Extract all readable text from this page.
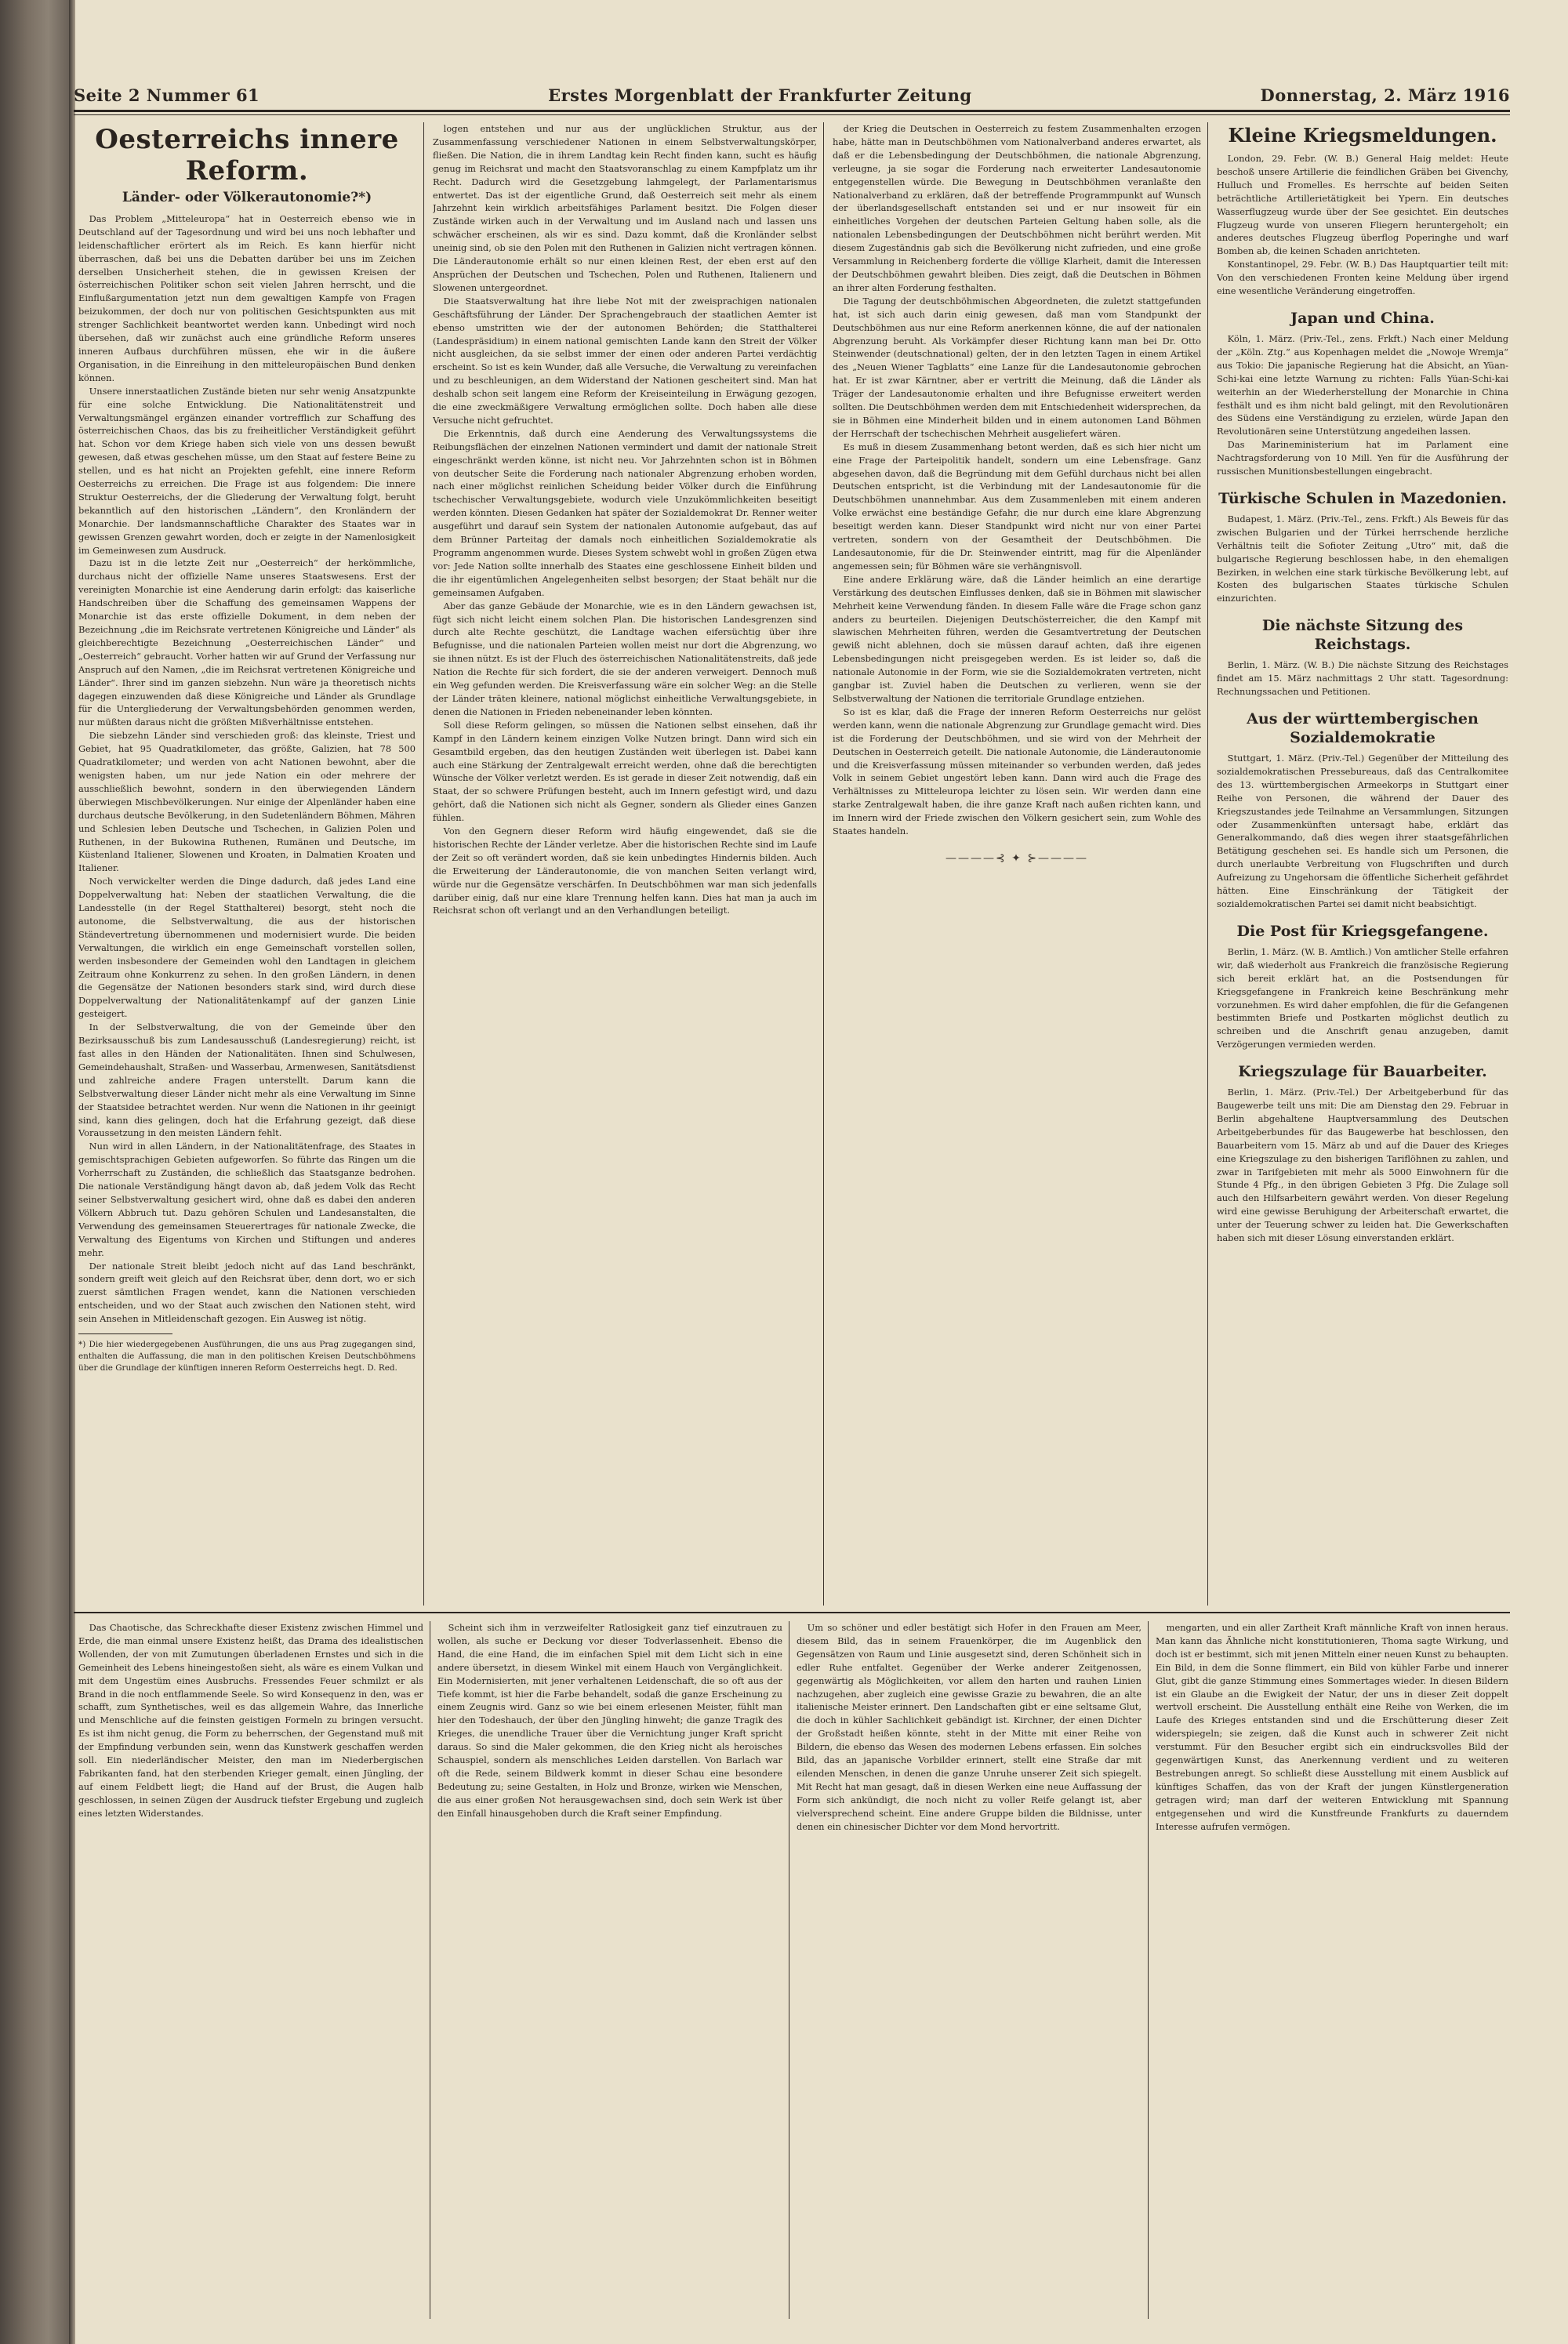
Seite 2 Nummer 61	Erstes Morgenblatt der Frankfurter Zeitung	Donnerstag, 2. März 1916
Oesterreichs innere Reform.
Länder- oder Völkerautonomie?*)

Das Problem „Mitteleuropa“ hat in Oesterreich ebenso wie in Deutschland auf der Tagesordnung und wird bei uns noch lebhafter und leidenschaftlicher erörtert als im Reich. Es kann hierfür nicht überraschen, daß bei uns die Debatten darüber bei uns im Zeichen derselben Unsicherheit stehen, die in gewissen Kreisen der österreichischen Politiker schon seit vielen Jahren herrscht, und die Einflußargumentation jetzt nun dem gewaltigen Kampfe von Fragen beizukommen, der doch nur von politischen Gesichtspunkten aus mit strenger Sachlichkeit beantwortet werden kann. Unbedingt wird noch übersehen, daß wir zunächst auch eine gründliche Reform unseres inneren Aufbaus durchführen müssen, ehe wir in die äußere Organisation, in die Einreihung in den mitteleuropäischen Bund denken können.

Unsere innerstaatlichen Zustände bieten nur sehr wenig Ansatzpunkte für eine solche Entwicklung. Die Nationalitätenstreit und Verwaltungsmängel ergänzen einander vortrefflich zur Schaffung des österreichischen Chaos, das bis zu freiheitlicher Verständigkeit geführt hat. Schon vor dem Kriege haben sich viele von uns dessen bewußt gewesen, daß etwas geschehen müsse, um den Staat auf festere Beine zu stellen, und es hat nicht an Projekten gefehlt, eine innere Reform Oesterreichs zu erreichen. Die Frage ist aus folgendem: Die innere Struktur Oesterreichs, der die Gliederung der Verwaltung folgt, beruht bekanntlich auf den historischen „Ländern“, den Kronländern der Monarchie. Der landsmannschaftliche Charakter des Staates war in gewissen Grenzen gewahrt worden, doch er zeigte in der Namenlosigkeit im Gemeinwesen zum Ausdruck.

Dazu ist in die letzte Zeit nur „Oesterreich“ der herkömmliche, durchaus nicht der offizielle Name unseres Staatswesens. Erst der vereinigten Monarchie ist eine Aenderung darin erfolgt: das kaiserliche Handschreiben über die Schaffung des gemeinsamen Wappens der Monarchie ist das erste offizielle Dokument, in dem neben der Bezeichnung „die im Reichsrate vertretenen Königreiche und Länder“ als gleichberechtigte Bezeichnung „Oesterreichischen Länder“ und „Oesterreich“ gebraucht. Vorher hatten wir auf Grund der Verfassung nur Anspruch auf den Namen, „die im Reichsrat vertretenen Königreiche und Länder“. Ihrer sind im ganzen siebzehn. Nun wäre ja theoretisch nichts dagegen einzuwenden daß diese Königreiche und Länder als Grundlage für die Untergliederung der Verwaltungsbehörden genommen werden, nur müßten daraus nicht die größten Mißverhältnisse entstehen.

Die siebzehn Länder sind verschieden groß: das kleinste, Triest und Gebiet, hat 95 Quadratkilometer, das größte, Galizien, hat 78 500 Quadratkilometer; und werden von acht Nationen bewohnt, aber die wenigsten haben, um nur jede Nation ein oder mehrere der ausschließlich bewohnt, sondern in den überwiegenden Ländern überwiegen Mischbevölkerungen. Nur einige der Alpenländer haben eine durchaus deutsche Bevölkerung, in den Sudetenländern Böhmen, Mähren und Schlesien leben Deutsche und Tschechen, in Galizien Polen und Ruthenen, in der Bukowina Ruthenen, Rumänen und Deutsche, im Küstenland Italiener, Slowenen und Kroaten, in Dalmatien Kroaten und Italiener.

Noch verwickelter werden die Dinge dadurch, daß jedes Land eine Doppelverwaltung hat: Neben der staatlichen Verwaltung, die die Landesstelle (in der Regel Statthalterei) besorgt, steht noch die autonome, die Selbstverwaltung, die aus der historischen Ständevertretung übernommenen und modernisiert wurde. Die beiden Verwaltungen, die wirklich ein enge Gemeinschaft vorstellen sollen, werden insbesondere der Gemeinden wohl den Landtagen in gleichem Zeitraum ohne Konkurrenz zu sehen. In den großen Ländern, in denen die Gegensätze der Nationen besonders stark sind, wird durch diese Doppelverwaltung der Nationalitätenkampf auf der ganzen Linie gesteigert.

In der Selbstverwaltung, die von der Gemeinde über den Bezirksausschuß bis zum Landesausschuß (Landesregierung) reicht, ist fast alles in den Händen der Nationalitäten. Ihnen sind Schulwesen, Gemeindehaushalt, Straßen- und Wasserbau, Armenwesen, Sanitätsdienst und zahlreiche andere Fragen unterstellt. Darum kann die Selbstverwaltung dieser Länder nicht mehr als eine Verwaltung im Sinne der Staatsidee betrachtet werden. Nur wenn die Nationen in ihr geeinigt sind, kann dies gelingen, doch hat die Erfahrung gezeigt, daß diese Voraussetzung in den meisten Ländern fehlt.

Nun wird in allen Ländern, in der Nationalitätenfrage, des Staates in gemischtsprachigen Gebieten aufgeworfen. So führte das Ringen um die Vorherrschaft zu Zuständen, die schließlich das Staatsganze bedrohen. Die nationale Verständigung hängt davon ab, daß jedem Volk das Recht seiner Selbstverwaltung gesichert wird, ohne daß es dabei den anderen Völkern Abbruch tut. Dazu gehören Schulen und Landesanstalten, die Verwendung des gemeinsamen Steuerertrages für nationale Zwecke, die Verwaltung des Eigentums von Kirchen und Stiftungen und anderes mehr.

Der nationale Streit bleibt jedoch nicht auf das Land beschränkt, sondern greift weit gleich auf den Reichsrat über, denn dort, wo er sich zuerst sämtlichen Fragen wendet, kann die Nationen verschieden entscheiden, und wo der Staat auch zwischen den Nationen steht, wird sein Ansehen in Mitleidenschaft gezogen. Ein Ausweg ist nötig.

*) Die hier wiedergegebenen Ausführungen, die uns aus Prag zugegangen sind, enthalten die Auffassung, die man in den politischen Kreisen Deutschböhmens über die Grundlage der künftigen inneren Reform Oesterreichs hegt. D. Red.

logen entstehen und nur aus der unglücklichen Struktur, aus der Zusammenfassung verschiedener Nationen in einem Selbstverwaltungskörper, fließen. Die Nation, die in ihrem Landtag kein Recht finden kann, sucht es häufig genug im Reichsrat und macht den Staatsvoranschlag zu einem Kampfplatz um ihr Recht. Dadurch wird die Gesetzgebung lahmgelegt, der Parlamentarismus entwertet. Das ist der eigentliche Grund, daß Oesterreich seit mehr als einem Jahrzehnt kein wirklich arbeitsfähiges Parlament besitzt. Die Folgen dieser Zustände wirken auch in der Verwaltung und im Ausland nach und lassen uns schwächer erscheinen, als wir es sind. Dazu kommt, daß die Kronländer selbst uneinig sind, ob sie den Polen mit den Ruthenen in Galizien nicht vertragen können. Die Länderautonomie erhält so nur einen kleinen Rest, der eben erst auf den Ansprüchen der Deutschen und Tschechen, Polen und Ruthenen, Italienern und Slowenen untergeordnet.

Die Staatsverwaltung hat ihre liebe Not mit der zweisprachigen nationalen Geschäftsführung der Länder. Der Sprachengebrauch der staatlichen Aemter ist ebenso umstritten wie der der autonomen Behörden; die Statthalterei (Landespräsidium) in einem national gemischten Lande kann den Streit der Völker nicht ausgleichen, da sie selbst immer der einen oder anderen Partei verdächtig erscheint. So ist es kein Wunder, daß alle Versuche, die Verwaltung zu vereinfachen und zu beschleunigen, an dem Widerstand der Nationen gescheitert sind. Man hat deshalb schon seit langem eine Reform der Kreiseinteilung in Erwägung gezogen, die eine zweckmäßigere Verwaltung ermöglichen sollte. Doch haben alle diese Versuche nicht gefruchtet.

Die Erkenntnis, daß durch eine Aenderung des Verwaltungssystems die Reibungsflächen der einzelnen Nationen vermindert und damit der nationale Streit eingeschränkt werden könne, ist nicht neu. Vor Jahrzehnten schon ist in Böhmen von deutscher Seite die Forderung nach nationaler Abgrenzung erhoben worden, nach einer möglichst reinlichen Scheidung beider Völker durch die Einführung tschechischer Verwaltungsgebiete, wodurch viele Unzukömmlichkeiten beseitigt werden könnten. Diesen Gedanken hat später der Sozialdemokrat Dr. Renner weiter ausgeführt und darauf sein System der nationalen Autonomie aufgebaut, das auf dem Brünner Parteitag der damals noch einheitlichen Sozialdemokratie als Programm angenommen wurde. Dieses System schwebt wohl in großen Zügen etwa vor: Jede Nation sollte innerhalb des Staates eine geschlossene Einheit bilden und die ihr eigentümlichen Angelegenheiten selbst besorgen; der Staat behält nur die gemeinsamen Aufgaben.

Aber das ganze Gebäude der Monarchie, wie es in den Ländern gewachsen ist, fügt sich nicht leicht einem solchen Plan. Die historischen Landesgrenzen sind durch alte Rechte geschützt, die Landtage wachen eifersüchtig über ihre Befugnisse, und die nationalen Parteien wollen meist nur dort die Abgrenzung, wo sie ihnen nützt. Es ist der Fluch des österreichischen Nationalitätenstreits, daß jede Nation die Rechte für sich fordert, die sie der anderen verweigert. Dennoch muß ein Weg gefunden werden. Die Kreisverfassung wäre ein solcher Weg: an die Stelle der Länder träten kleinere, national möglichst einheitliche Verwaltungsgebiete, in denen die Nationen in Frieden nebeneinander leben könnten.

Soll diese Reform gelingen, so müssen die Nationen selbst einsehen, daß ihr Kampf in den Ländern keinem einzigen Volke Nutzen bringt. Dann wird sich ein Gesamtbild ergeben, das den heutigen Zuständen weit überlegen ist. Dabei kann auch eine Stärkung der Zentralgewalt erreicht werden, ohne daß die berechtigten Wünsche der Völker verletzt werden. Es ist gerade in dieser Zeit notwendig, daß ein Staat, der so schwere Prüfungen besteht, auch im Innern gefestigt wird, und dazu gehört, daß die Nationen sich nicht als Gegner, sondern als Glieder eines Ganzen fühlen.

Von den Gegnern dieser Reform wird häufig eingewendet, daß sie die historischen Rechte der Länder verletze. Aber die historischen Rechte sind im Laufe der Zeit so oft verändert worden, daß sie kein unbedingtes Hindernis bilden. Auch die Erweiterung der Länderautonomie, die von manchen Seiten verlangt wird, würde nur die Gegensätze verschärfen. In Deutschböhmen war man sich jedenfalls darüber einig, daß nur eine klare Trennung helfen kann. Dies hat man ja auch im Reichsrat schon oft verlangt und an den Verhandlungen beteiligt.

der Krieg die Deutschen in Oesterreich zu festem Zusammenhalten erzogen habe, hätte man in Deutschböhmen vom Nationalverband anderes erwartet, als daß er die Lebensbedingung der Deutschböhmen, die nationale Abgrenzung, verleugne, ja sie sogar die Forderung nach erweiterter Landesautonomie entgegenstellen würde. Die Bewegung in Deutschböhmen veranlaßte den Nationalverband zu erklären, daß der betreffende Programmpunkt auf Wunsch der überlandsgesellschaft entstanden sei und er nur insoweit für ein einheitliches Vorgehen der deutschen Parteien Geltung haben solle, als die nationalen Lebensbedingungen der Deutschböhmen nicht berührt werden. Mit diesem Zugeständnis gab sich die Bevölkerung nicht zufrieden, und eine große Versammlung in Reichenberg forderte die völlige Klarheit, damit die Interessen der Deutschböhmen gewahrt bleiben. Dies zeigt, daß die Deutschen in Böhmen an ihrer alten Forderung festhalten.

Die Tagung der deutschböhmischen Abgeordneten, die zuletzt stattgefunden hat, ist sich auch darin einig gewesen, daß man vom Standpunkt der Deutschböhmen aus nur eine Reform anerkennen könne, die auf der nationalen Abgrenzung beruht. Als Vorkämpfer dieser Richtung kann man bei Dr. Otto Steinwender (deutschnational) gelten, der in den letzten Tagen in einem Artikel des „Neuen Wiener Tagblatts“ eine Lanze für die Landesautonomie gebrochen hat. Er ist zwar Kärntner, aber er vertritt die Meinung, daß die Länder als Träger der Landesautonomie erhalten und ihre Befugnisse erweitert werden sollten. Die Deutschböhmen werden dem mit Entschiedenheit widersprechen, da sie in Böhmen eine Minderheit bilden und in einem autonomen Land Böhmen der Herrschaft der tschechischen Mehrheit ausgeliefert wären.

Es muß in diesem Zusammenhang betont werden, daß es sich hier nicht um eine Frage der Parteipolitik handelt, sondern um eine Lebensfrage. Ganz abgesehen davon, daß die Begründung mit dem Gefühl durchaus nicht bei allen Deutschen entspricht, ist die Verbindung mit der Landesautonomie für die Deutschböhmen unannehmbar. Aus dem Zusammenleben mit einem anderen Volke erwächst eine beständige Gefahr, die nur durch eine klare Abgrenzung beseitigt werden kann. Dieser Standpunkt wird nicht nur von einer Partei vertreten, sondern von der Gesamtheit der Deutschböhmen. Die Landesautonomie, für die Dr. Steinwender eintritt, mag für die Alpenländer angemessen sein; für Böhmen wäre sie verhängnisvoll.

Eine andere Erklärung wäre, daß die Länder heimlich an eine derartige Verstärkung des deutschen Einflusses denken, daß sie in Böhmen mit slawischer Mehrheit keine Verwendung fänden. In diesem Falle wäre die Frage schon ganz anders zu beurteilen. Diejenigen Deutschösterreicher, die den Kampf mit slawischen Mehrheiten führen, werden die Gesamtvertretung der Deutschen gewiß nicht ablehnen, doch sie müssen darauf achten, daß ihre eigenen Lebensbedingungen nicht preisgegeben werden. Es ist leider so, daß die nationale Autonomie in der Form, wie sie die Sozialdemokraten vertreten, nicht gangbar ist. Zuviel haben die Deutschen zu verlieren, wenn sie der Selbstverwaltung der Nationen die territoriale Grundlage entziehen.

So ist es klar, daß die Frage der inneren Reform Oesterreichs nur gelöst werden kann, wenn die nationale Abgrenzung zur Grundlage gemacht wird. Dies ist die Forderung der Deutschböhmen, und sie wird von der Mehrheit der Deutschen in Oesterreich geteilt. Die nationale Autonomie, die Länderautonomie und die Kreisverfassung müssen miteinander so verbunden werden, daß jedes Volk in seinem Gebiet ungestört leben kann. Dann wird auch die Frage des Verhältnisses zu Mitteleuropa leichter zu lösen sein. Wir werden dann eine starke Zentralgewalt haben, die ihre ganze Kraft nach außen richten kann, und im Innern wird der Friede zwischen den Völkern gesichert sein, zum Wohle des Staates handeln.

————⊰ ✦ ⊱————
Kleine Kriegsmeldungen.

London, 29. Febr. (W. B.) General Haig meldet: Heute beschoß unsere Artillerie die feindlichen Gräben bei Givenchy, Hulluch und Fromelles. Es herrschte auf beiden Seiten beträchtliche Artillerietätigkeit bei Ypern. Ein deutsches Wasserflugzeug wurde über der See gesichtet. Ein deutsches Flugzeug wurde von unseren Fliegern heruntergeholt; ein anderes deutsches Flugzeug überflog Poperinghe und warf Bomben ab, die keinen Schaden anrichteten.

Konstantinopel, 29. Febr. (W. B.) Das Hauptquartier teilt mit: Von den verschiedenen Fronten keine Meldung über irgend eine wesentliche Veränderung eingetroffen.

Japan und China.

Köln, 1. März. (Priv.-Tel., zens. Frkft.) Nach einer Meldung der „Köln. Ztg.“ aus Kopenhagen meldet die „Nowoje Wremja“ aus Tokio: Die japanische Regierung hat die Absicht, an Yüan-Schi-kai eine letzte Warnung zu richten: Falls Yüan-Schi-kai weiterhin an der Wiederherstellung der Monarchie in China festhält und es ihm nicht bald gelingt, mit den Revolutionären des Südens eine Verständigung zu erzielen, würde Japan den Revolutionären seine Unterstützung angedeihen lassen.

Das Marineministerium hat im Parlament eine Nachtragsforderung von 10 Mill. Yen für die Ausführung der russischen Munitionsbestellungen eingebracht.

Türkische Schulen in Mazedonien.

Budapest, 1. März. (Priv.-Tel., zens. Frkft.) Als Beweis für das zwischen Bulgarien und der Türkei herrschende herzliche Verhältnis teilt die Sofioter Zeitung „Utro“ mit, daß die bulgarische Regierung beschlossen habe, in den ehemaligen Bezirken, in welchen eine stark türkische Bevölkerung lebt, auf Kosten des bulgarischen Staates türkische Schulen einzurichten.

Die nächste Sitzung des Reichstags.

Berlin, 1. März. (W. B.) Die nächste Sitzung des Reichstages findet am 15. März nachmittags 2 Uhr statt. Tagesordnung: Rechnungssachen und Petitionen.

Aus der württembergischen Sozialdemokratie

Stuttgart, 1. März. (Priv.-Tel.) Gegenüber der Mitteilung des sozialdemokratischen Pressebureaus, daß das Centralkomitee des 13. württembergischen Armeekorps in Stuttgart einer Reihe von Personen, die während der Dauer des Kriegszustandes jede Teilnahme an Versammlungen, Sitzungen oder Zusammenkünften untersagt habe, erklärt das Generalkommando, daß dies wegen ihrer staatsgefährlichen Betätigung geschehen sei. Es handle sich um Personen, die durch unerlaubte Verbreitung von Flugschriften und durch Aufreizung zu Ungehorsam die öffentliche Sicherheit gefährdet hätten. Eine Einschränkung der Tätigkeit der sozialdemokratischen Partei sei damit nicht beabsichtigt.

Die Post für Kriegsgefangene.

Berlin, 1. März. (W. B. Amtlich.) Von amtlicher Stelle erfahren wir, daß wiederholt aus Frankreich die französische Regierung sich bereit erklärt hat, an die Postsendungen für Kriegsgefangene in Frankreich keine Beschränkung mehr vorzunehmen. Es wird daher empfohlen, die für die Gefangenen bestimmten Briefe und Postkarten möglichst deutlich zu schreiben und die Anschrift genau anzugeben, damit Verzögerungen vermieden werden.

Kriegszulage für Bauarbeiter.

Berlin, 1. März. (Priv.-Tel.) Der Arbeitgeberbund für das Baugewerbe teilt uns mit: Die am Dienstag den 29. Februar in Berlin abgehaltene Hauptversammlung des Deutschen Arbeitgeberbundes für das Baugewerbe hat beschlossen, den Bauarbeitern vom 15. März ab und auf die Dauer des Krieges eine Kriegszulage zu den bisherigen Tariflöhnen zu zahlen, und zwar in Tarifgebieten mit mehr als 5000 Einwohnern für die Stunde 4 Pfg., in den übrigen Gebieten 3 Pfg. Die Zulage soll auch den Hilfsarbeitern gewährt werden. Von dieser Regelung wird eine gewisse Beruhigung der Arbeiterschaft erwartet, die unter der Teuerung schwer zu leiden hat. Die Gewerkschaften haben sich mit dieser Lösung einverstanden erklärt.

Das Chaotische, das Schreckhafte dieser Existenz zwischen Himmel und Erde, die man einmal unsere Existenz heißt, das Drama des idealistischen Wollenden, der von mit Zumutungen überladenen Ernstes und sich in die Gemeinheit des Lebens hineingestoßen sieht, als wäre es einem Vulkan und mit dem Ungestüm eines Ausbruchs. Fressendes Feuer schmilzt er als Brand in die noch entflammende Seele. So wird Konsequenz in den, was er schafft, zum Synthetisches, weil es das allgemein Wahre, das Innerliche und Menschliche auf die feinsten geistigen Formeln zu bringen versucht. Es ist ihm nicht genug, die Form zu beherrschen, der Gegenstand muß mit der Empfindung verbunden sein, wenn das Kunstwerk geschaffen werden soll. Ein niederländischer Meister, den man im Niederbergischen Fabrikanten fand, hat den sterbenden Krieger gemalt, einen Jüngling, der auf einem Feldbett liegt; die Hand auf der Brust, die Augen halb geschlossen, in seinen Zügen der Ausdruck tiefster Ergebung und zugleich eines letzten Widerstandes.

Scheint sich ihm in verzweifelter Ratlosigkeit ganz tief einzutrauen zu wollen, als suche er Deckung vor dieser Todverlassenheit. Ebenso die Hand, die eine Hand, die im einfachen Spiel mit dem Licht sich in eine andere übersetzt, in diesem Winkel mit einem Hauch von Vergänglichkeit. Ein Modernisierten, mit jener verhaltenen Leidenschaft, die so oft aus der Tiefe kommt, ist hier die Farbe behandelt, sodaß die ganze Erscheinung zu einem Zeugnis wird. Ganz so wie bei einem erlesenen Meister, fühlt man hier den Todeshauch, der über den Jüngling hinweht; die ganze Tragik des Krieges, die unendliche Trauer über die Vernichtung junger Kraft spricht daraus. So sind die Maler gekommen, die den Krieg nicht als heroisches Schauspiel, sondern als menschliches Leiden darstellen. Von Barlach war oft die Rede, seinem Bildwerk kommt in dieser Schau eine besondere Bedeutung zu; seine Gestalten, in Holz und Bronze, wirken wie Menschen, die aus einer großen Not herausgewachsen sind, doch sein Werk ist über den Einfall hinausgehoben durch die Kraft seiner Empfindung.

Um so schöner und edler bestätigt sich Hofer in den Frauen am Meer, diesem Bild, das in seinem Frauenkörper, die im Augenblick den Gegensätzen von Raum und Linie ausgesetzt sind, deren Schönheit sich in edler Ruhe entfaltet. Gegenüber der Werke anderer Zeitgenossen, gegenwärtig als Möglichkeiten, vor allem den harten und rauhen Linien nachzugehen, aber zugleich eine gewisse Grazie zu bewahren, die an alte italienische Meister erinnert. Den Landschaften gibt er eine seltsame Glut, die doch in kühler Sachlichkeit gebändigt ist. Kirchner, der einen Dichter der Großstadt heißen könnte, steht in der Mitte mit einer Reihe von Bildern, die ebenso das Wesen des modernen Lebens erfassen. Ein solches Bild, das an japanische Vorbilder erinnert, stellt eine Straße dar mit eilenden Menschen, in denen die ganze Unruhe unserer Zeit sich spiegelt. Mit Recht hat man gesagt, daß in diesen Werken eine neue Auffassung der Form sich ankündigt, die noch nicht zu voller Reife gelangt ist, aber vielversprechend scheint. Eine andere Gruppe bilden die Bildnisse, unter denen ein chinesischer Dichter vor dem Mond hervortritt.

mengarten, und ein aller Zartheit Kraft männliche Kraft von innen heraus. Man kann das Ähnliche nicht konstitutionieren, Thoma sagte Wirkung, und doch ist er bestimmt, sich mit jenen Mitteln einer neuen Kunst zu behaupten. Ein Bild, in dem die Sonne flimmert, ein Bild von kühler Farbe und innerer Glut, gibt die ganze Stimmung eines Sommertages wieder. In diesen Bildern ist ein Glaube an die Ewigkeit der Natur, der uns in dieser Zeit doppelt wertvoll erscheint. Die Ausstellung enthält eine Reihe von Werken, die im Laufe des Krieges entstanden sind und die Erschütterung dieser Zeit widerspiegeln; sie zeigen, daß die Kunst auch in schwerer Zeit nicht verstummt. Für den Besucher ergibt sich ein eindrucksvolles Bild der gegenwärtigen Kunst, das Anerkennung verdient und zu weiteren Bestrebungen anregt. So schließt diese Ausstellung mit einem Ausblick auf künftiges Schaffen, das von der Kraft der jungen Künstlergeneration getragen wird; man darf der weiteren Entwicklung mit Spannung entgegensehen und wird die Kunstfreunde Frankfurts zu dauerndem Interesse aufrufen vermögen.
